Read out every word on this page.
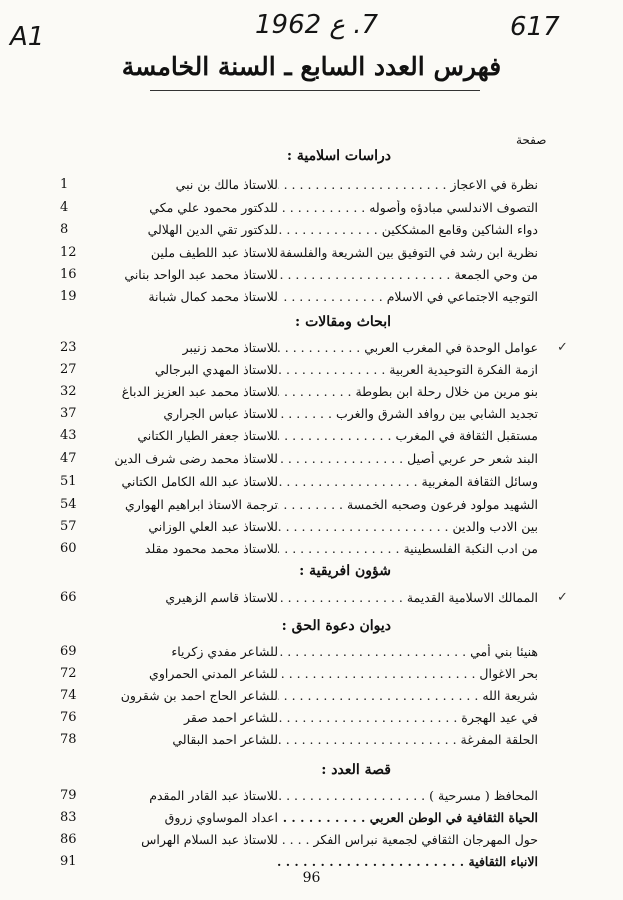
A1	7. ع 1962	617
فهرس العدد السابع ـ السنة الخامسة
صفحة
دراسات اسلامية :
1	نظرة في الاعجاز . . .
للاستاذ مالك بن نبي
4	التصوف الاندلسي مبادؤه وأصوله . . .
للدكتور محمود علي مكي
8	دواء الشاكين وقامع المشككين . . .
للدكتور تقي الدين الهلالي
12	نظرية ابن رشد في التوفيق بين الشريعة والفلسفة . . .
للاستاذ عبد اللطيف ملين
16	من وحي الجمعة . . .
للاستاذ محمد عبد الواحد بناني
19	التوجيه الاجتماعي في الاسلام . . .
للاستاذ محمد كمال شبانة
ابحاث ومقالات :
✓
23	عوامل الوحدة في المغرب العربي . . .
للاستاذ محمد زنيبر
27	ازمة الفكرة التوحيدية العربية . . .
للاستاذ المهدي البرجالي
32	بنو مرين من خلال رحلة ابن بطوطة . . .
للاستاذ محمد عبد العزيز الدباغ
37	تجديد الشابي بين روافد الشرق والغرب . . .
للاستاذ عباس الجراري
43	مستقبل الثقافة في المغرب . . .
للاستاذ جعفر الطيار الكتاني
47	البند شعر حر عربي أصيل . . .
للاستاذ محمد رضى شرف الدين
51	وسائل الثقافة المغربية . . .
للاستاذ عبد الله الكامل الكتاني
54	الشهيد مولود فرعون وصحبه الخمسة . . .
ترجمة الاستاذ ابراهيم الهواري
57	بين الادب والدين . . .
للاستاذ عبد العلي الوزاني
60	من ادب النكبة الفلسطينية . . .
للاستاذ محمد محمود مقلد
شؤون افريقية :
✓
66	الممالك الاسلامية القديمة . . .
للاستاذ قاسم الزهيري
ديوان دعوة الحق :
69	هنيئا بني أمي . . .
للشاعر مفدي زكرياء
72	بحر الاغوال . . .
للشاعر المدني الحمراوي
74	شريعة الله . . .
للشاعر الحاج احمد بن شقرون
76	في عيد الهجرة . . .
للشاعر احمد صقر
78	الحلقة المفرغة . . .
للشاعر احمد البقالي
قصة العدد :
79	المحافظ ( مسرحية ) . . .
للاستاذ عبد القادر المقدم
83	الحياة الثقافية في الوطن العربي . . .
اعداد الموساوي زروق
86	حول المهرجان الثقافي لجمعية نبراس الفكر . . .
للاستاذ عبد السلام الهراس
91	الانباء الثقافية . . .
96
